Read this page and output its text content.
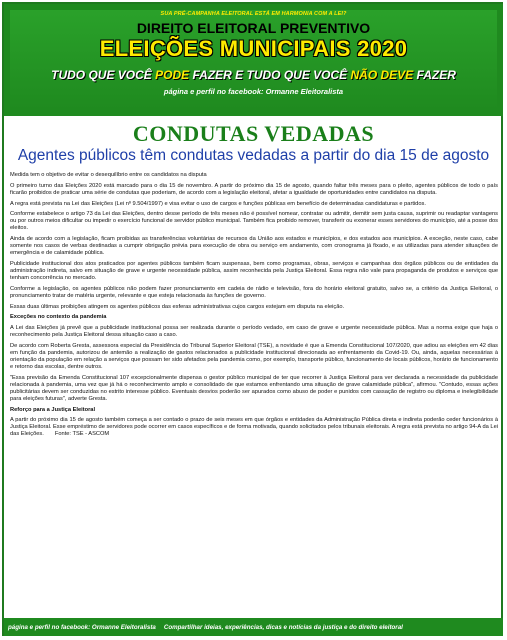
SUA PRÉ-CAMPANHA ELEITORAL ESTÁ EM HARMONIA COM A LEI?
DIREITO ELEITORAL PREVENTIVO
ELEIÇÕES MUNICIPAIS 2020
TUDO QUE VOCÊ PODE FAZER E TUDO QUE VOCÊ NÃO DEVE FAZER
página e perfil no facebook: Ormanne Eleitoralista
CONDUTAS VEDADAS
Agentes públicos têm condutas vedadas a partir do dia 15 de agosto

Medida tem o objetivo de evitar o desequilíbrio entre os candidatos na disputa

O primeiro turno das Eleições 2020 está marcado para o dia 15 de novembro. A partir do próximo dia 15 de agosto, quando faltar três meses para o pleito, agentes públicos de todo o país ficarão proibidos de praticar uma série de condutas que poderiam, de acordo com a legislação eleitoral, afetar a igualdade de oportunidades entre candidatos na disputa.

A regra está prevista na Lei das Eleições (Lei nº 9.504/1997) e visa evitar o uso de cargos e funções públicas em benefício de determinadas candidaturas e partidos.

Conforme estabelece o artigo 73 da Lei das Eleições, dentro desse período de três meses não é possível nomear, contratar ou admitir, demitir sem justa causa, suprimir ou readaptar vantagens ou por outros meios dificultar ou impedir o exercício funcional de servidor público municipal. Também fica proibido remover, transferir ou exonerar esses servidores do município, até a posse dos eleitos.

Ainda de acordo com a legislação, ficam proibidas as transferências voluntárias de recursos da União aos estados e municípios, e dos estados aos municípios. A exceção, neste caso, cabe somente nos casos de verbas destinadas a cumprir obrigação prévia para execução de obra ou serviço em andamento, com cronograma já fixado, e as utilizadas para atender situações de emergência e de calamidade pública.

Publicidade institucional dos atos praticados por agentes públicos também ficam suspensas, bem como programas, obras, serviços e campanhas dos órgãos públicos ou de entidades da administração indireta, salvo em situação de grave e urgente necessidade pública, assim reconhecida pela Justiça Eleitoral. Essa regra não vale para propaganda de produtos e serviços que tenham concorrência no mercado.

Conforme a legislação, os agentes públicos não podem fazer pronunciamento em cadeia de rádio e televisão, fora do horário eleitoral gratuito, salvo se, a critério da Justiça Eleitoral, o pronunciamento tratar de matéria urgente, relevante e que esteja relacionada às funções de governo.

Essas duas últimas proibições atingem os agentes públicos das esferas administrativas cujos cargos estejam em disputa na eleição.

Exceções no contexto da pandemia

A Lei das Eleições já prevê que a publicidade institucional possa ser realizada durante o período vedado, em caso de grave e urgente necessidade pública. Mas a norma exige que haja o reconhecimento pela Justiça Eleitoral dessa situação caso a caso.

De acordo com Roberta Gresta, assessora especial da Presidência do Tribunal Superior Eleitoral (TSE), a novidade é que a Emenda Constitucional 107/2020, que adiou as eleições em 42 dias em função da pandemia, autorizou de antemão a realização de gastos relacionados a publicidade institucional direcionada ao enfrentamento da Covid-19. Ou, ainda, aquelas necessárias à orientação da população em relação a serviços que possam ter sido afetados pela pandemia como, por exemplo, transporte público, funcionamento de locais públicos, horário de funcionamento e retorno das escolas, dentre outros.

"Essa previsão da Emenda Constitucional 107 excepcionalmente dispensa o gestor público municipal de ter que recorrer à Justiça Eleitoral para ver declarada a necessidade da publicidade relacionada à pandemia, uma vez que já há o reconhecimento amplo e consolidado de que estamos enfrentando uma situação de grave calamidade pública", afirmou. "Contudo, essas ações publicitárias devem ser conduzidas no estrito interesse público. Eventuais desvios poderão ser apurados como abuso de poder e punidos com cassação de registro ou diploma e inelegibilidade para eleições futuras", adverte Gresta.

Reforço para a Justiça Eleitoral

A partir do próximo dia 15 de agosto também começa a ser contado o prazo de seis meses em que órgãos e entidades da Administração Pública direta e indireta poderão ceder funcionários à Justiça Eleitoral. Esse empréstimo de servidores pode ocorrer em casos específicos e de forma motivada, quando solicitados pelos tribunais eleitorais. A regra está prevista no artigo 94-A da Lei das Eleições. Fonte: TSE - ASCOM

página e perfil no facebook: Ormanne Eleitoralista Compartilhar ideias, experiências, dicas e notícias da justiça e do direito eleitoral
